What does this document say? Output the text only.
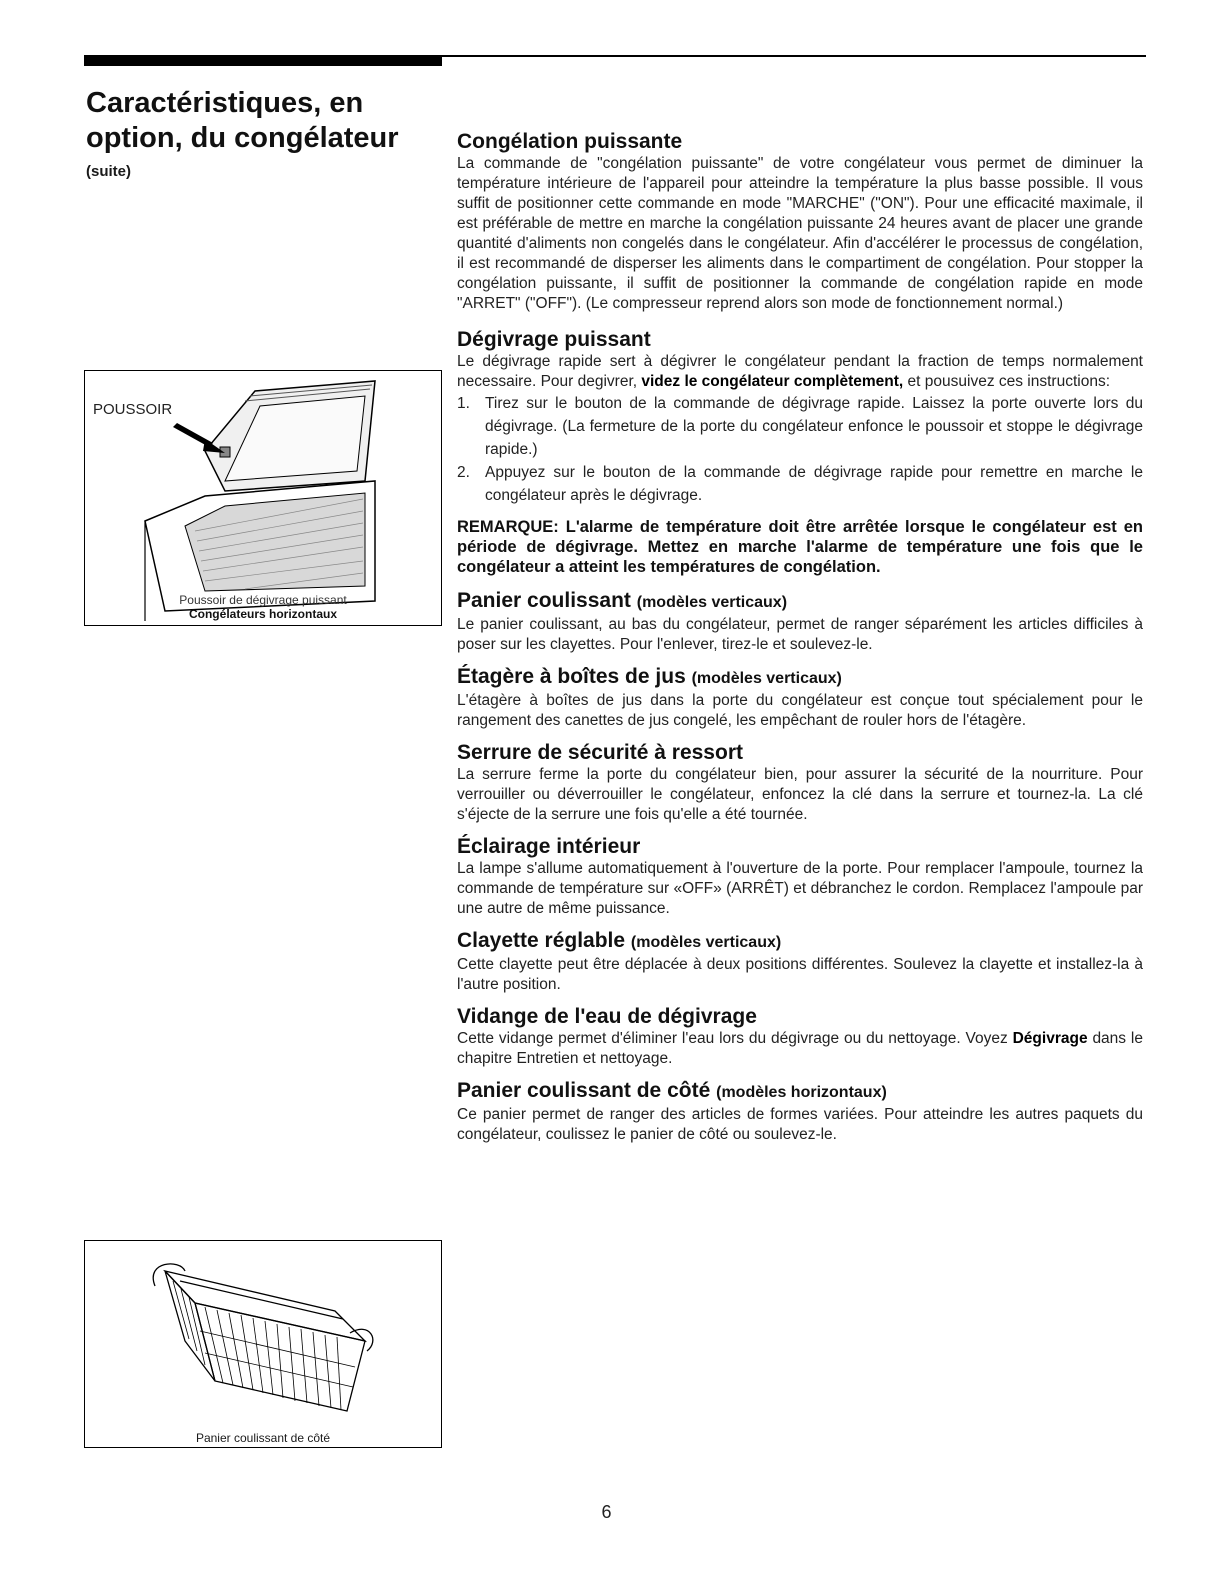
Caractéristiques, en option, du congélateur
(suite)
POUSSOIR
Poussoir de dégivrage puissant
Congélateurs horizontaux
Panier coulissant de côté
Congélation puissante

La commande de "congélation puissante" de votre congélateur vous permet de diminuer la température intérieure de l'appareil pour atteindre la température la plus basse possible. Il vous suffit de positionner cette commande en mode "MARCHE" ("ON"). Pour une efficacité maximale, il est préférable de mettre en marche la congélation puissante 24 heures avant de placer une grande quantité d'aliments non congelés dans le congélateur. Afin d'accélérer le processus de congélation, il est recommandé de disperser les aliments dans le compartiment de congélation. Pour stopper la congélation puissante, il suffit de positionner la commande de congélation rapide en mode "ARRET" ("OFF"). (Le compresseur reprend alors son mode de fonctionnement normal.)

Dégivrage puissant

Le dégivrage rapide sert à dégivrer le congélateur pendant la fraction de temps normalement necessaire. Pour degivrer, videz le congélateur complètement, et pousuivez ces instructions:

1. Tirez sur le bouton de la commande de dégivrage rapide. Laissez la porte ouverte lors du dégivrage. (La fermeture de la porte du congélateur enfonce le poussoir et stoppe le dégivrage rapide.)
2. Appuyez sur le bouton de la commande de dégivrage rapide pour remettre en marche le congélateur après le dégivrage.

REMARQUE: L'alarme de température doit être arrêtée lorsque le congélateur est en période de dégivrage. Mettez en marche l'alarme de température une fois que le congélateur a atteint les températures de congélation.

Panier coulissant (modèles verticaux)

Le panier coulissant, au bas du congélateur, permet de ranger séparément les articles difficiles à poser sur les clayettes. Pour l'enlever, tirez-le et soulevez-le.

Étagère à boîtes de jus (modèles verticaux)

L'étagère à boîtes de jus dans la porte du congélateur est conçue tout spécialement pour le rangement des canettes de jus congelé, les empêchant de rouler hors de l'étagère.

Serrure de sécurité à ressort

La serrure ferme la porte du congélateur bien, pour assurer la sécurité de la nourriture. Pour verrouiller ou déverrouiller le congélateur, enfoncez la clé dans la serrure et tournez-la. La clé s'éjecte de la serrure une fois qu'elle a été tournée.

Éclairage intérieur

La lampe s'allume automatiquement à l'ouverture de la porte. Pour remplacer l'ampoule, tournez la commande de température sur «OFF» (ARRÊT) et débranchez le cordon. Remplacez l'ampoule par une autre de même puissance.

Clayette réglable (modèles verticaux)

Cette clayette peut être déplacée à deux positions différentes. Soulevez la clayette et installez-la à l'autre position.

Vidange de l'eau de dégivrage

Cette vidange permet d'éliminer l'eau lors du dégivrage ou du nettoyage. Voyez Dégivrage dans le chapitre Entretien et nettoyage.

Panier coulissant de côté (modèles horizontaux)

Ce panier permet de ranger des articles de formes variées. Pour atteindre les autres paquets du congélateur, coulissez le panier de côté ou soulevez-le.

6
